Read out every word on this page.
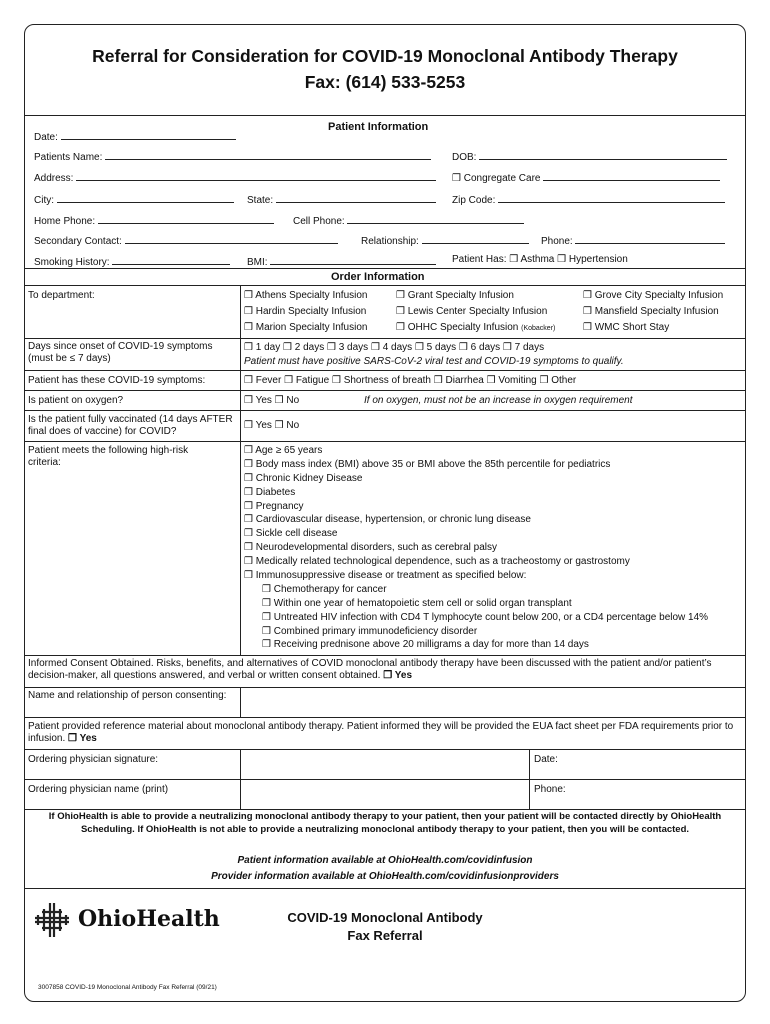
Referral for Consideration for COVID-19 Monoclonal Antibody Therapy
Fax: (614) 533-5253
Patient Information
Date:
Patients Name:	DOB:
Address:	❒ Congregate Care
City:	State:	Zip Code:
Home Phone:	Cell Phone:
Secondary Contact:	Relationship:	Phone:
Smoking History:	BMI:	Patient Has: ❒ Asthma ❒ Hypertension
Order Information
To department:	❒ Athens Specialty Infusion	❒ Grant Specialty Infusion	❒ Grove City Specialty Infusion
❒ Hardin Specialty Infusion	❒ Lewis Center Specialty Infusion	❒ Mansfield Specialty Infusion
❒ Marion Specialty Infusion	❒ OHHC Specialty Infusion (Kobacker)	❒ WMC Short Stay
Days since onset of COVID-19 symptoms (must be ≤ 7 days)
❒ 1 day ❒ 2 days ❒ 3 days ❒ 4 days ❒ 5 days ❒ 6 days ❒ 7 days
Patient must have positive SARS-CoV-2 viral test and COVID-19 symptoms to qualify.
Patient has these COVID-19 symptoms:	❒ Fever ❒ Fatigue ❒ Shortness of breath ❒ Diarrhea ❒ Vomiting ❒ Other
Is patient on oxygen?	❒ Yes ❒ No	If on oxygen, must not be an increase in oxygen requirement
Is the patient fully vaccinated (14 days AFTER final does of vaccine) for COVID?
❒ Yes ❒ No
Patient meets the following high-risk criteria:
❒ Age ≥ 65 years
❒ Body mass index (BMI) above 35 or BMI above the 85th percentile for pediatrics
❒ Chronic Kidney Disease
❒ Diabetes
❒ Pregnancy
❒ Cardiovascular disease, hypertension, or chronic lung disease
❒ Sickle cell disease
❒ Neurodevelopmental disorders, such as cerebral palsy
❒ Medically related technological dependence, such as a tracheostomy or gastrostomy
❒ Immunosuppressive disease or treatment as specified below:
❒ Chemotherapy for cancer
❒ Within one year of hematopoietic stem cell or solid organ transplant
❒ Untreated HIV infection with CD4 T lymphocyte count below 200, or a CD4 percentage below 14%
❒ Combined primary immunodeficiency disorder
❒ Receiving prednisone above 20 milligrams a day for more than 14 days
Informed Consent Obtained. Risks, benefits, and alternatives of COVID monoclonal antibody therapy have been discussed with the patient and/or patient’s decision-maker, all questions answered, and verbal or written consent obtained. ❒ Yes
Name and relationship of person consenting:
Patient provided reference material about monoclonal antibody therapy. Patient informed they will be provided the EUA fact sheet per FDA requirements prior to infusion. ❒ Yes
Ordering physician signature:	Date:
Ordering physician name (print)	Phone:
If OhioHealth is able to provide a neutralizing monoclonal antibody therapy to your patient, then your patient will be contacted directly by OhioHealth Scheduling. If OhioHealth is not able to provide a neutralizing monoclonal antibody therapy to your patient, then you will be contacted.
Patient information available at OhioHealth.com/covidinfusion
Provider information available at OhioHealth.com/covidinfusionproviders
OhioHealth	COVID-19 Monoclonal Antibody
Fax Referral
3007858 COVID-19 Monoclonal Antibody Fax Referral (09/21)
